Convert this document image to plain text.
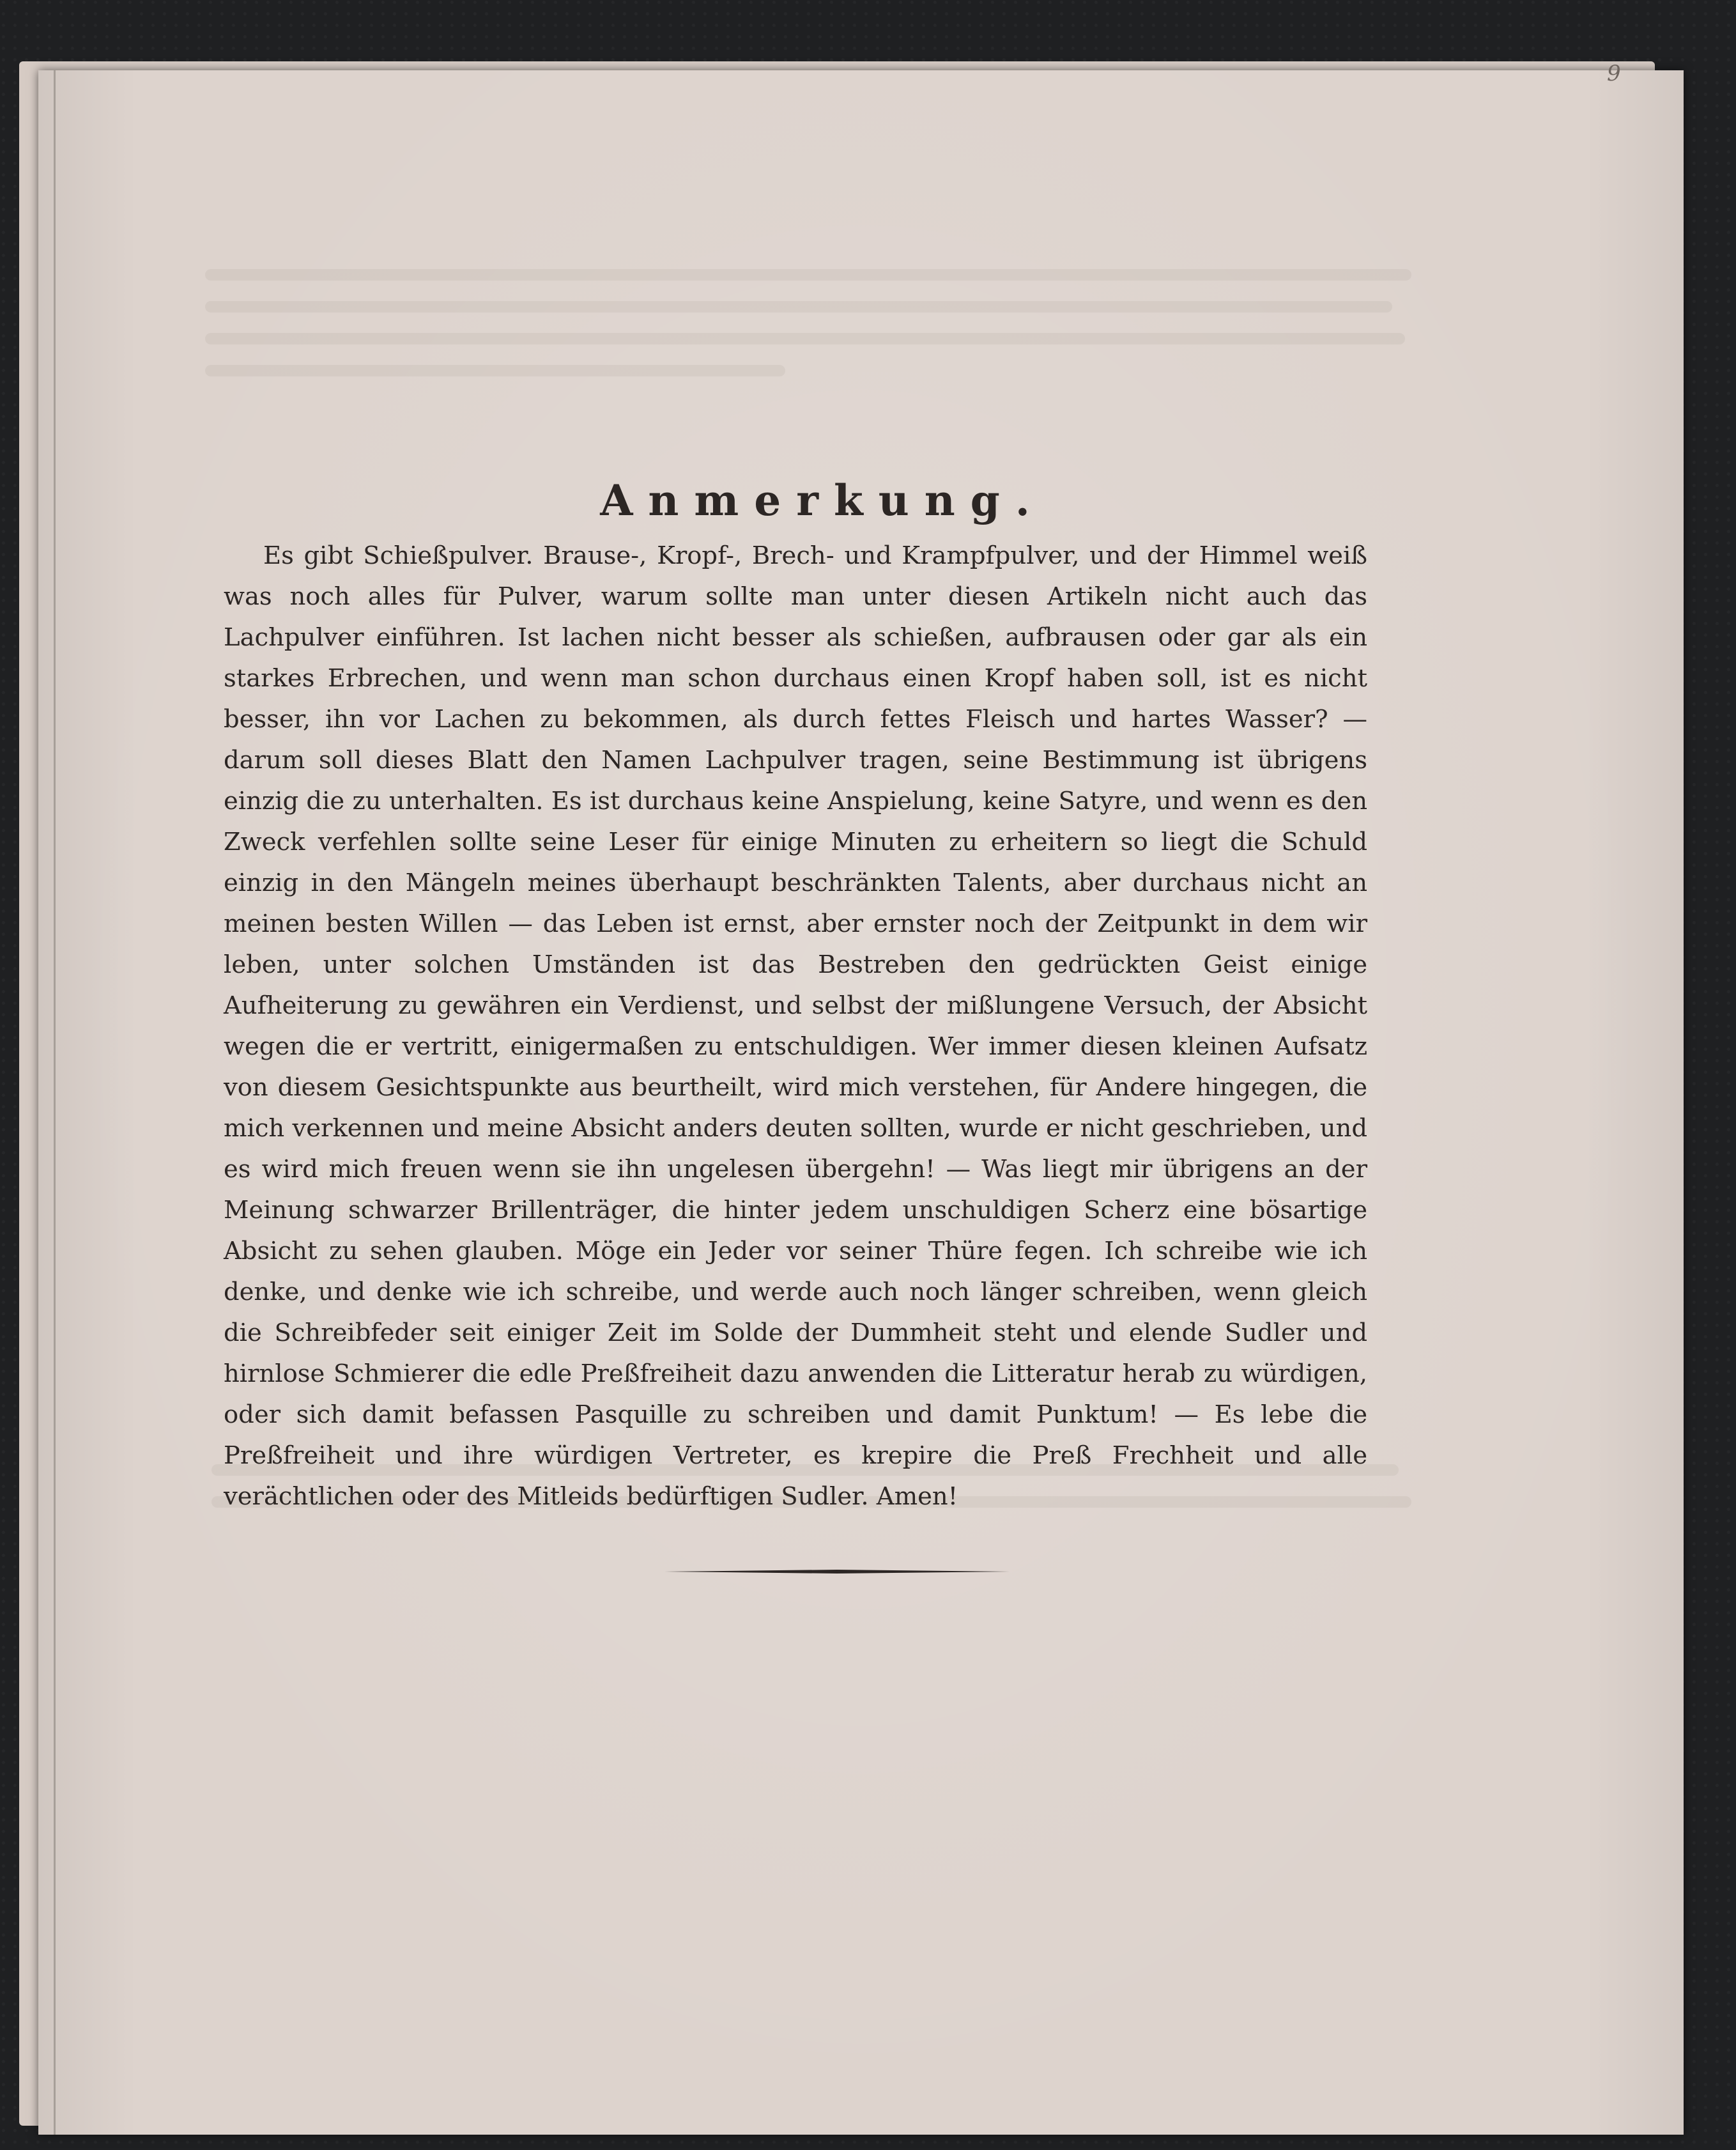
9
Anmerkung.

Es gibt Schießpulver. Brause-, Kropf-, Brech- und Krampfpulver, und der Himmel weiß was noch alles für Pulver, warum sollte man unter diesen Artikeln nicht auch das Lachpulver einführen. Ist lachen nicht besser als schießen, aufbrausen oder gar als ein starkes Erbrechen, und wenn man schon durchaus einen Kropf haben soll, ist es nicht besser, ihn vor Lachen zu bekommen, als durch fettes Fleisch und hartes Wasser? — darum soll dieses Blatt den Namen Lachpulver tragen, seine Bestimmung ist übrigens einzig die zu unterhalten. Es ist durchaus keine Anspielung, keine Satyre, und wenn es den Zweck verfehlen sollte seine Leser für einige Minuten zu erheitern so liegt die Schuld einzig in den Mängeln meines überhaupt beschränkten Talents, aber durchaus nicht an meinen besten Willen — das Leben ist ernst, aber ernster noch der Zeitpunkt in dem wir leben, unter solchen Umständen ist das Bestreben den gedrückten Geist einige Aufheiterung zu gewähren ein Verdienst, und selbst der mißlungene Versuch, der Absicht wegen die er vertritt, einigermaßen zu entschuldigen. Wer immer diesen kleinen Aufsatz von diesem Gesichtspunkte aus beurtheilt, wird mich verstehen, für Andere hingegen, die mich verkennen und meine Absicht anders deuten sollten, wurde er nicht geschrieben, und es wird mich freuen wenn sie ihn ungelesen übergehn! — Was liegt mir übrigens an der Meinung schwarzer Brillenträger, die hinter jedem unschuldigen Scherz eine bösartige Absicht zu sehen glauben. Möge ein Jeder vor seiner Thüre fegen. Ich schreibe wie ich denke, und denke wie ich schreibe, und werde auch noch länger schreiben, wenn gleich die Schreibfeder seit einiger Zeit im Solde der Dummheit steht und elende Sudler und hirnlose Schmierer die edle Preßfreiheit dazu anwenden die Litteratur herab zu würdigen, oder sich damit befassen Pasquille zu schreiben und damit Punktum! — Es lebe die Preßfreiheit und ihre würdigen Vertreter, es krepire die Preß Frechheit und alle verächtlichen oder des Mitleids bedürftigen Sudler. Amen!
